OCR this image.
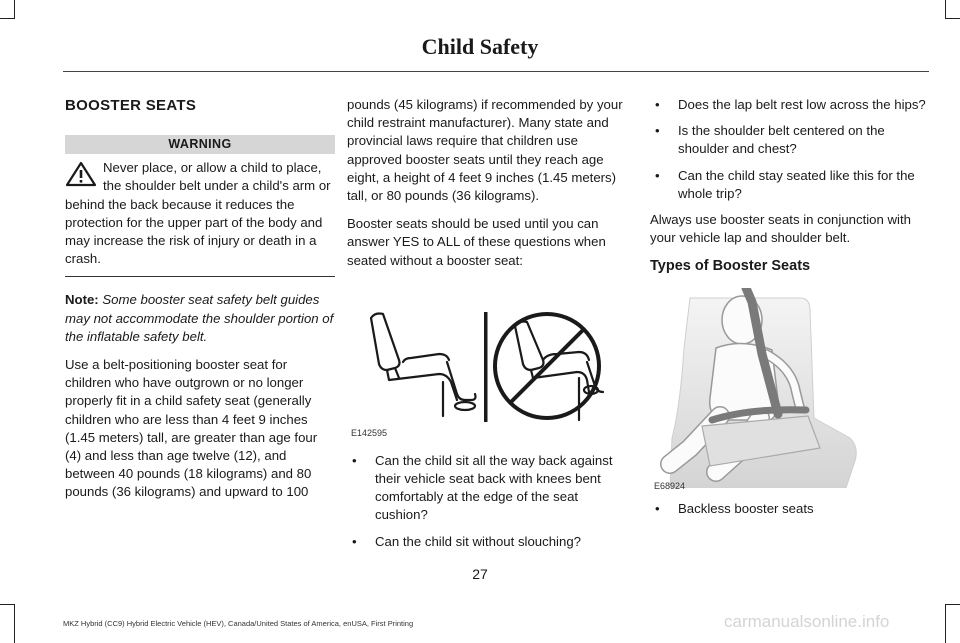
Child Safety
BOOSTER SEATS
WARNING
Never place, or allow a child to place, the shoulder belt under a child's arm or behind the back because it reduces the protection for the upper part of the body and may increase the risk of injury or death in a crash.

Note: Some booster seat safety belt guides may not accommodate the shoulder portion of the inflatable safety belt.

Use a belt-positioning booster seat for children who have outgrown or no longer properly fit in a child safety seat (generally children who are less than 4 feet 9 inches (1.45 meters) tall, are greater than age four (4) and less than age twelve (12), and between 40 pounds (18 kilograms) and 80 pounds (36 kilograms) and upward to 100

pounds (45 kilograms) if recommended by your child restraint manufacturer). Many state and provincial laws require that children use approved booster seats until they reach age eight, a height of 4 feet 9 inches (1.45 meters) tall, or 80 pounds (36 kilograms).

Booster seats should be used until you can answer YES to ALL of these questions when seated without a booster seat:

E142595
• Can the child sit all the way back against their vehicle seat back with knees bent comfortably at the edge of the seat cushion?
• Can the child sit without slouching?
• Does the lap belt rest low across the hips?
• Is the shoulder belt centered on the shoulder and chest?
• Can the child stay seated like this for the whole trip?

Always use booster seats in conjunction with your vehicle lap and shoulder belt.

Types of Booster Seats
E68924
• Backless booster seats
27
MKZ Hybrid (CC9) Hybrid Electric Vehicle (HEV), Canada/United States of America, enUSA, First Printing	carmanualsonline.info
